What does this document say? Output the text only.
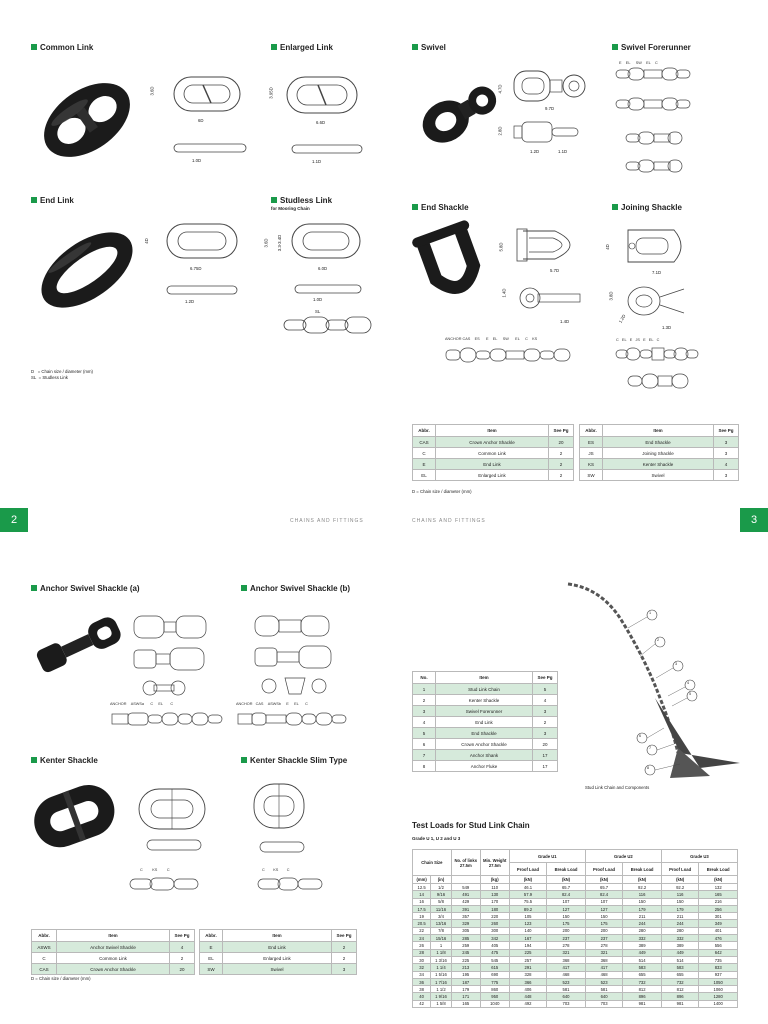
Common Link	Enlarged Link
End Link	Studless Link
for Mooring Chain
3.6D
6D
1.0D
3.95D
6.6D
1.1D
4D
6.75D
1.2D
3.6D 3.3-3.4D
6.0D
1.0D
SL
D = Chain size / diameter (mm)
SL = Studless Link
Swivel	Swivel Forerunner
End Shackle	Joining Shackle
4.7D
9.7D
2.8D
1.2D	1.1D
E EL SW EL C
5.8D
5.7D
1.4D
1.4D
ANCHOR CAS ES E EL SW EL C KS
4D
7.1D
3.8D
1.2D
1.3D
C EL E JS E EL C
Abbr.	Item	See Pg
CAS	Crown Anchor Shackle	20
C	Common Link	2
E	End Link	2
EL	Enlarged Link	2
Abbr.	Item	See Pg
ES	End Shackle	3
JS	Joining Shackle	3
KS	Kenter Shackle	4
SW	Swivel	3
D = Chain size / diameter (mm)
2	CHAINS AND FITTINGS	CHAINS AND FITTINGS	3
Anchor Swivel Shackle (a)	Anchor Swivel Shackle (b)
Kenter Shackle	Kenter Shackle Slim Type
ANCHOR ASWSa C EL C	ANCHOR CAS ASWSb E EL C
C	KS	C	C KS C
Abbr.	Item	See Pg
ASWS	Anchor Swivel Shackle	4
C	Common Link	2
CAS	Crown Anchor Shackle	20
Abbr.	Item	See Pg
E	End Link	2
EL	Enlarged Link	2
SW	Swivel	3
D = Chain size / diameter (mm)
No.	Item	See Pg
1	Stud Link Chain	5
2	Kenter Shackle	4
3	Swivel Forerunner	3
4	End Link	2
5	End Shackle	3
6	Crown Anchor Shackle	20
7	Anchor Shank	17
8	Anchor Fluke	17
1
2
3
4
5
6
7
8
Stud Link Chain and Components
Test Loads for Stud Link Chain
Grade U 1, U 2 and U 3
Chain Size		No. of links 27.5m	Min. Weight 27.5m	Grade U1		Grade U2		Grade U3	
				Proof Load	Break Load	Proof Load	Break Load	Proof Load	Break Load
(mm)	(in)		(kg)	(kN)	(kN)	(kN)	(kN)	(kN)	(kN)
12.5	1/2	549	110	46.1	65.7	65.7	92.2	92.2	132
14	9/16	491	130	57.9	82.4	82.4	116	116	165
16	5/8	429	170	75.5	107	107	150	150	216
17.5	11/16	391	180	89.2	127	127	179	179	256
19	3/4	357	220	105	150	150	211	211	301
20.5	13/16	329	260	123	175	175	244	244	349
22	7/8	305	300	140	200	200	280	280	401
24	15/16	285	342	167	237	237	332	332	476
26	1	259	405	194	278	278	389	389	556
28	1 1/8	245	475	225	321	321	449	449	642
30	1 3/16	225	545	257	368	368	514	514	735
32	1 1/4	213	615	291	417	417	583	583	833
34	1 5/16	195	690	328	468	468	655	655	937
36	1 7/16	187	775	366	523	523	732	732	1050
38	1 1/2	179	860	406	581	581	812	812	1060
40	1 9/16	171	950	448	640	640	896	896	1280
42	1 5/8	165	1040	492	703	703	981	981	1400
